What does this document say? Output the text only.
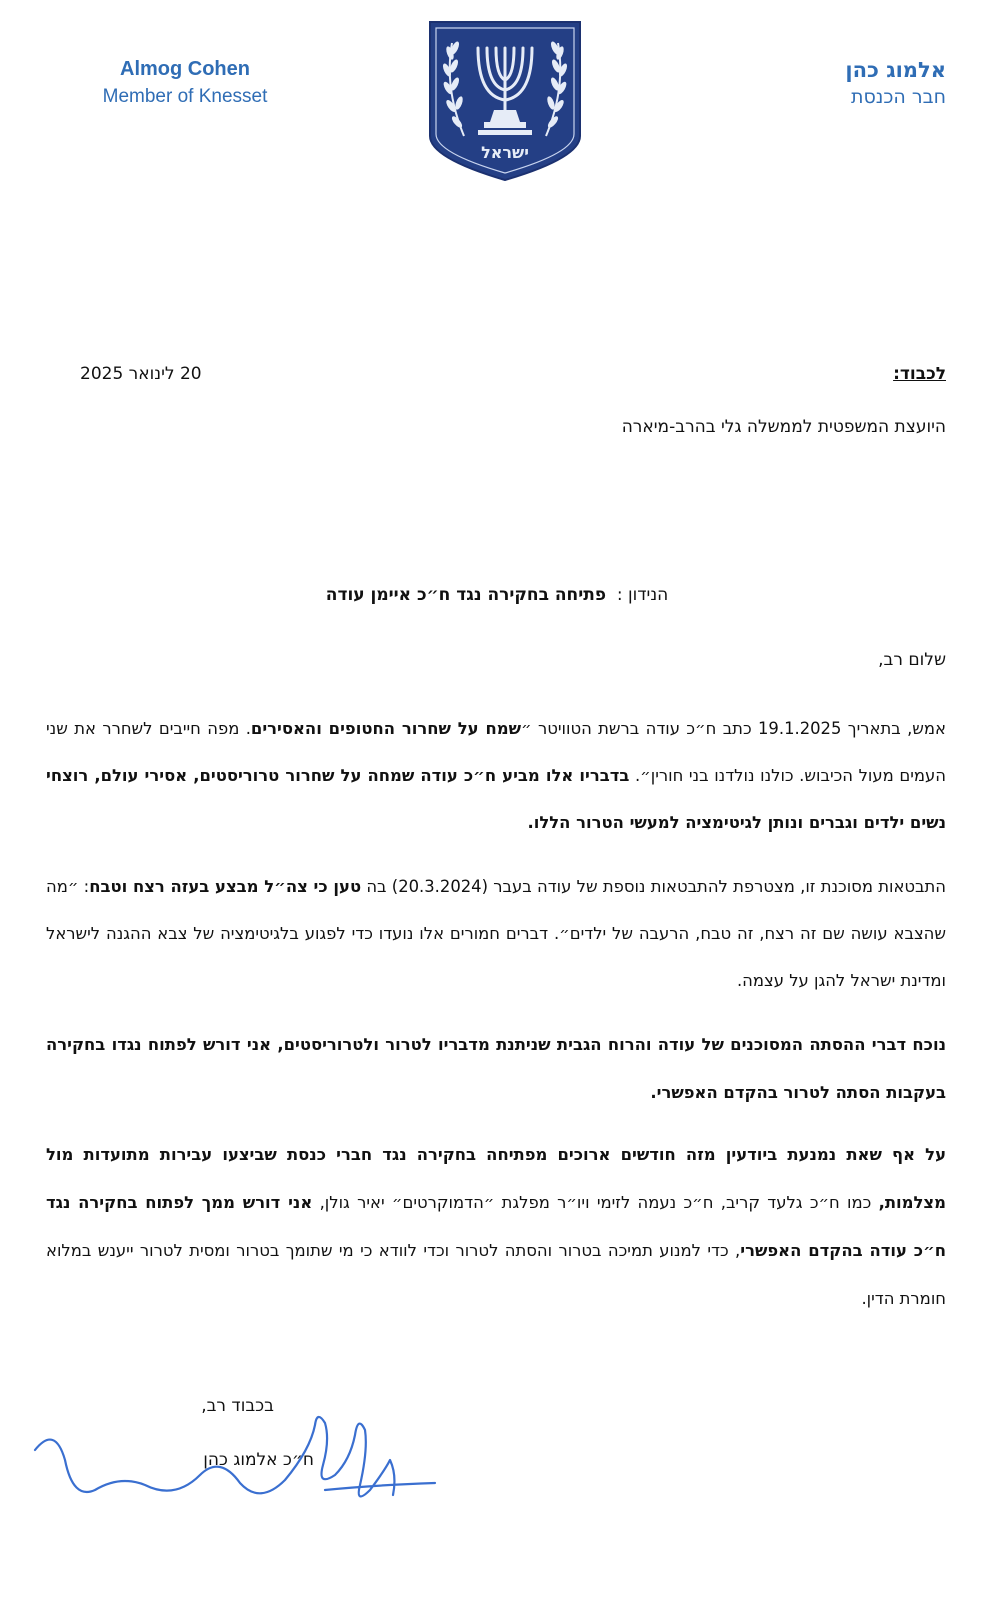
Almog Cohen
Member of Knesset
אלמוג כהן
חבר הכנסת
ישראל
לכבוד:
20 לינואר 2025
היועצת המשפטית לממשלה גלי בהרב-מיארה
הנידון :  פתיחה בחקירה נגד ח״כ איימן עודה
שלום רב,
אמש, בתאריך 19.1.2025 כתב ח״כ עודה ברשת הטוויטר ״שמח על שחרור החטופים והאסירים. מפה חייבים לשחרר את שני העמים מעול הכיבוש. כולנו נולדנו בני חורין״. בדבריו אלו מביע ח״כ עודה שמחה על שחרור טרוריסטים, אסירי עולם, רוצחי נשים ילדים וגברים ונותן לגיטימציה למעשי הטרור הללו.
התבטאות מסוכנת זו, מצטרפת להתבטאות נוספת של עודה בעבר (20.3.2024) בה טען כי צה״ל מבצע בעזה רצח וטבח: ״מה שהצבא עושה שם זה רצח, זה טבח, הרעבה של ילדים״. דברים חמורים אלו נועדו כדי לפגוע בלגיטימציה של צבא ההגנה לישראל ומדינת ישראל להגן על עצמה.
נוכח דברי ההסתה המסוכנים של עודה והרוח הגבית שניתנת מדבריו לטרור ולטרוריסטים, אני דורש לפתוח נגדו בחקירה בעקבות הסתה לטרור בהקדם האפשרי.
על אף שאת נמנעת ביודעין מזה חודשים ארוכים מפתיחה בחקירה נגד חברי כנסת שביצעו עבירות מתועדות מול מצלמות, כמו ח״כ גלעד קריב, ח״כ נעמה לזימי ויו״ר מפלגת ״הדמוקרטים״ יאיר גולן, אני דורש ממך לפתוח בחקירה נגד ח״כ עודה בהקדם האפשרי, כדי למנוע תמיכה בטרור והסתה לטרור וכדי לוודא כי מי שתומך בטרור ומסית לטרור ייענש במלוא חומרת הדין.
בכבוד רב,
ח״כ אלמוג כהן
